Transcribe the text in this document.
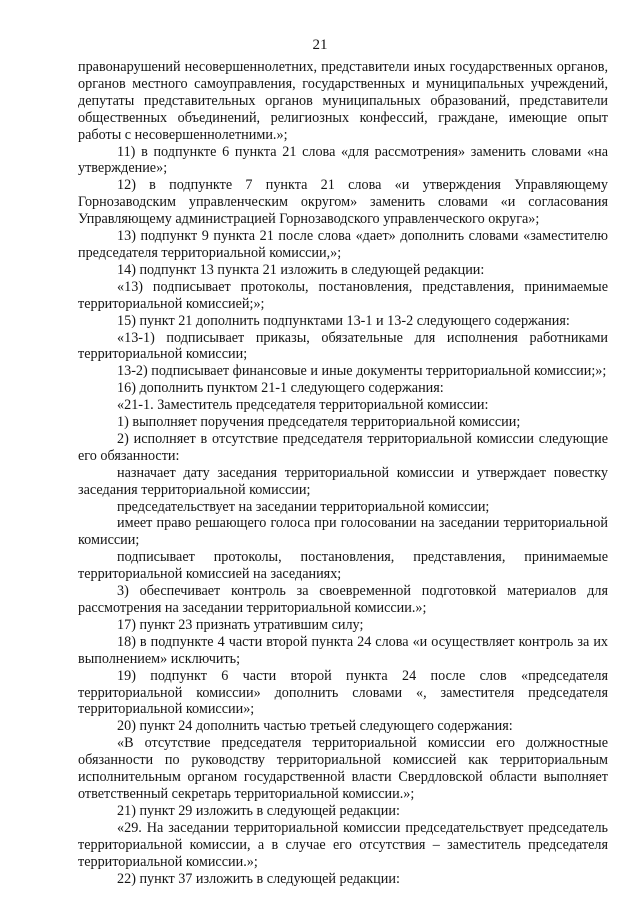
21

правонарушений несовершеннолетних, представители иных государственных органов, органов местного самоуправления, государственных и муниципальных учреждений, депутаты представительных органов муниципальных образований, представители общественных объединений, религиозных конфессий, граждане, имеющие опыт работы с несовершеннолетними.»;

11) в подпункте 6 пункта 21 слова «для рассмотрения» заменить словами «на утверждение»;

12) в подпункте 7 пункта 21 слова «и утверждения Управляющему Горнозаводским управленческим округом» заменить словами «и согласования Управляющему администрацией Горнозаводского управленческого округа»;

13) подпункт 9 пункта 21 после слова «дает» дополнить словами «заместителю председателя территориальной комиссии,»;

14) подпункт 13 пункта 21 изложить в следующей редакции:

«13) подписывает протоколы, постановления, представления, принимаемые территориальной комиссией;»;

15) пункт 21 дополнить подпунктами 13-1 и 13-2 следующего содержания:

«13-1) подписывает приказы, обязательные для исполнения работниками территориальной комиссии;

13-2) подписывает финансовые и иные документы территориальной комиссии;»;

16) дополнить пунктом 21-1 следующего содержания:

«21-1. Заместитель председателя территориальной комиссии:

1) выполняет поручения председателя территориальной комиссии;

2) исполняет в отсутствие председателя территориальной комиссии следующие его обязанности:

назначает дату заседания территориальной комиссии и утверждает повестку заседания территориальной комиссии;

председательствует на заседании территориальной комиссии;

имеет право решающего голоса при голосовании на заседании территориальной комиссии;

подписывает протоколы, постановления, представления, принимаемые территориальной комиссией на заседаниях;

3) обеспечивает контроль за своевременной подготовкой материалов для рассмотрения на заседании территориальной комиссии.»;

17) пункт 23 признать утратившим силу;

18) в подпункте 4 части второй пункта 24 слова «и осуществляет контроль за их выполнением» исключить;

19) подпункт 6 части второй пункта 24 после слов «председателя территориальной комиссии» дополнить словами «, заместителя председателя территориальной комиссии»;

20) пункт 24 дополнить частью третьей следующего содержания:

«В отсутствие председателя территориальной комиссии его должностные обязанности по руководству территориальной комиссией как территориальным исполнительным органом государственной власти Свердловской области выполняет ответственный секретарь территориальной комиссии.»;

21) пункт 29 изложить в следующей редакции:

«29. На заседании территориальной комиссии председательствует председатель территориальной комиссии, а в случае его отсутствия – заместитель председателя территориальной комиссии.»;

22) пункт 37 изложить в следующей редакции:
